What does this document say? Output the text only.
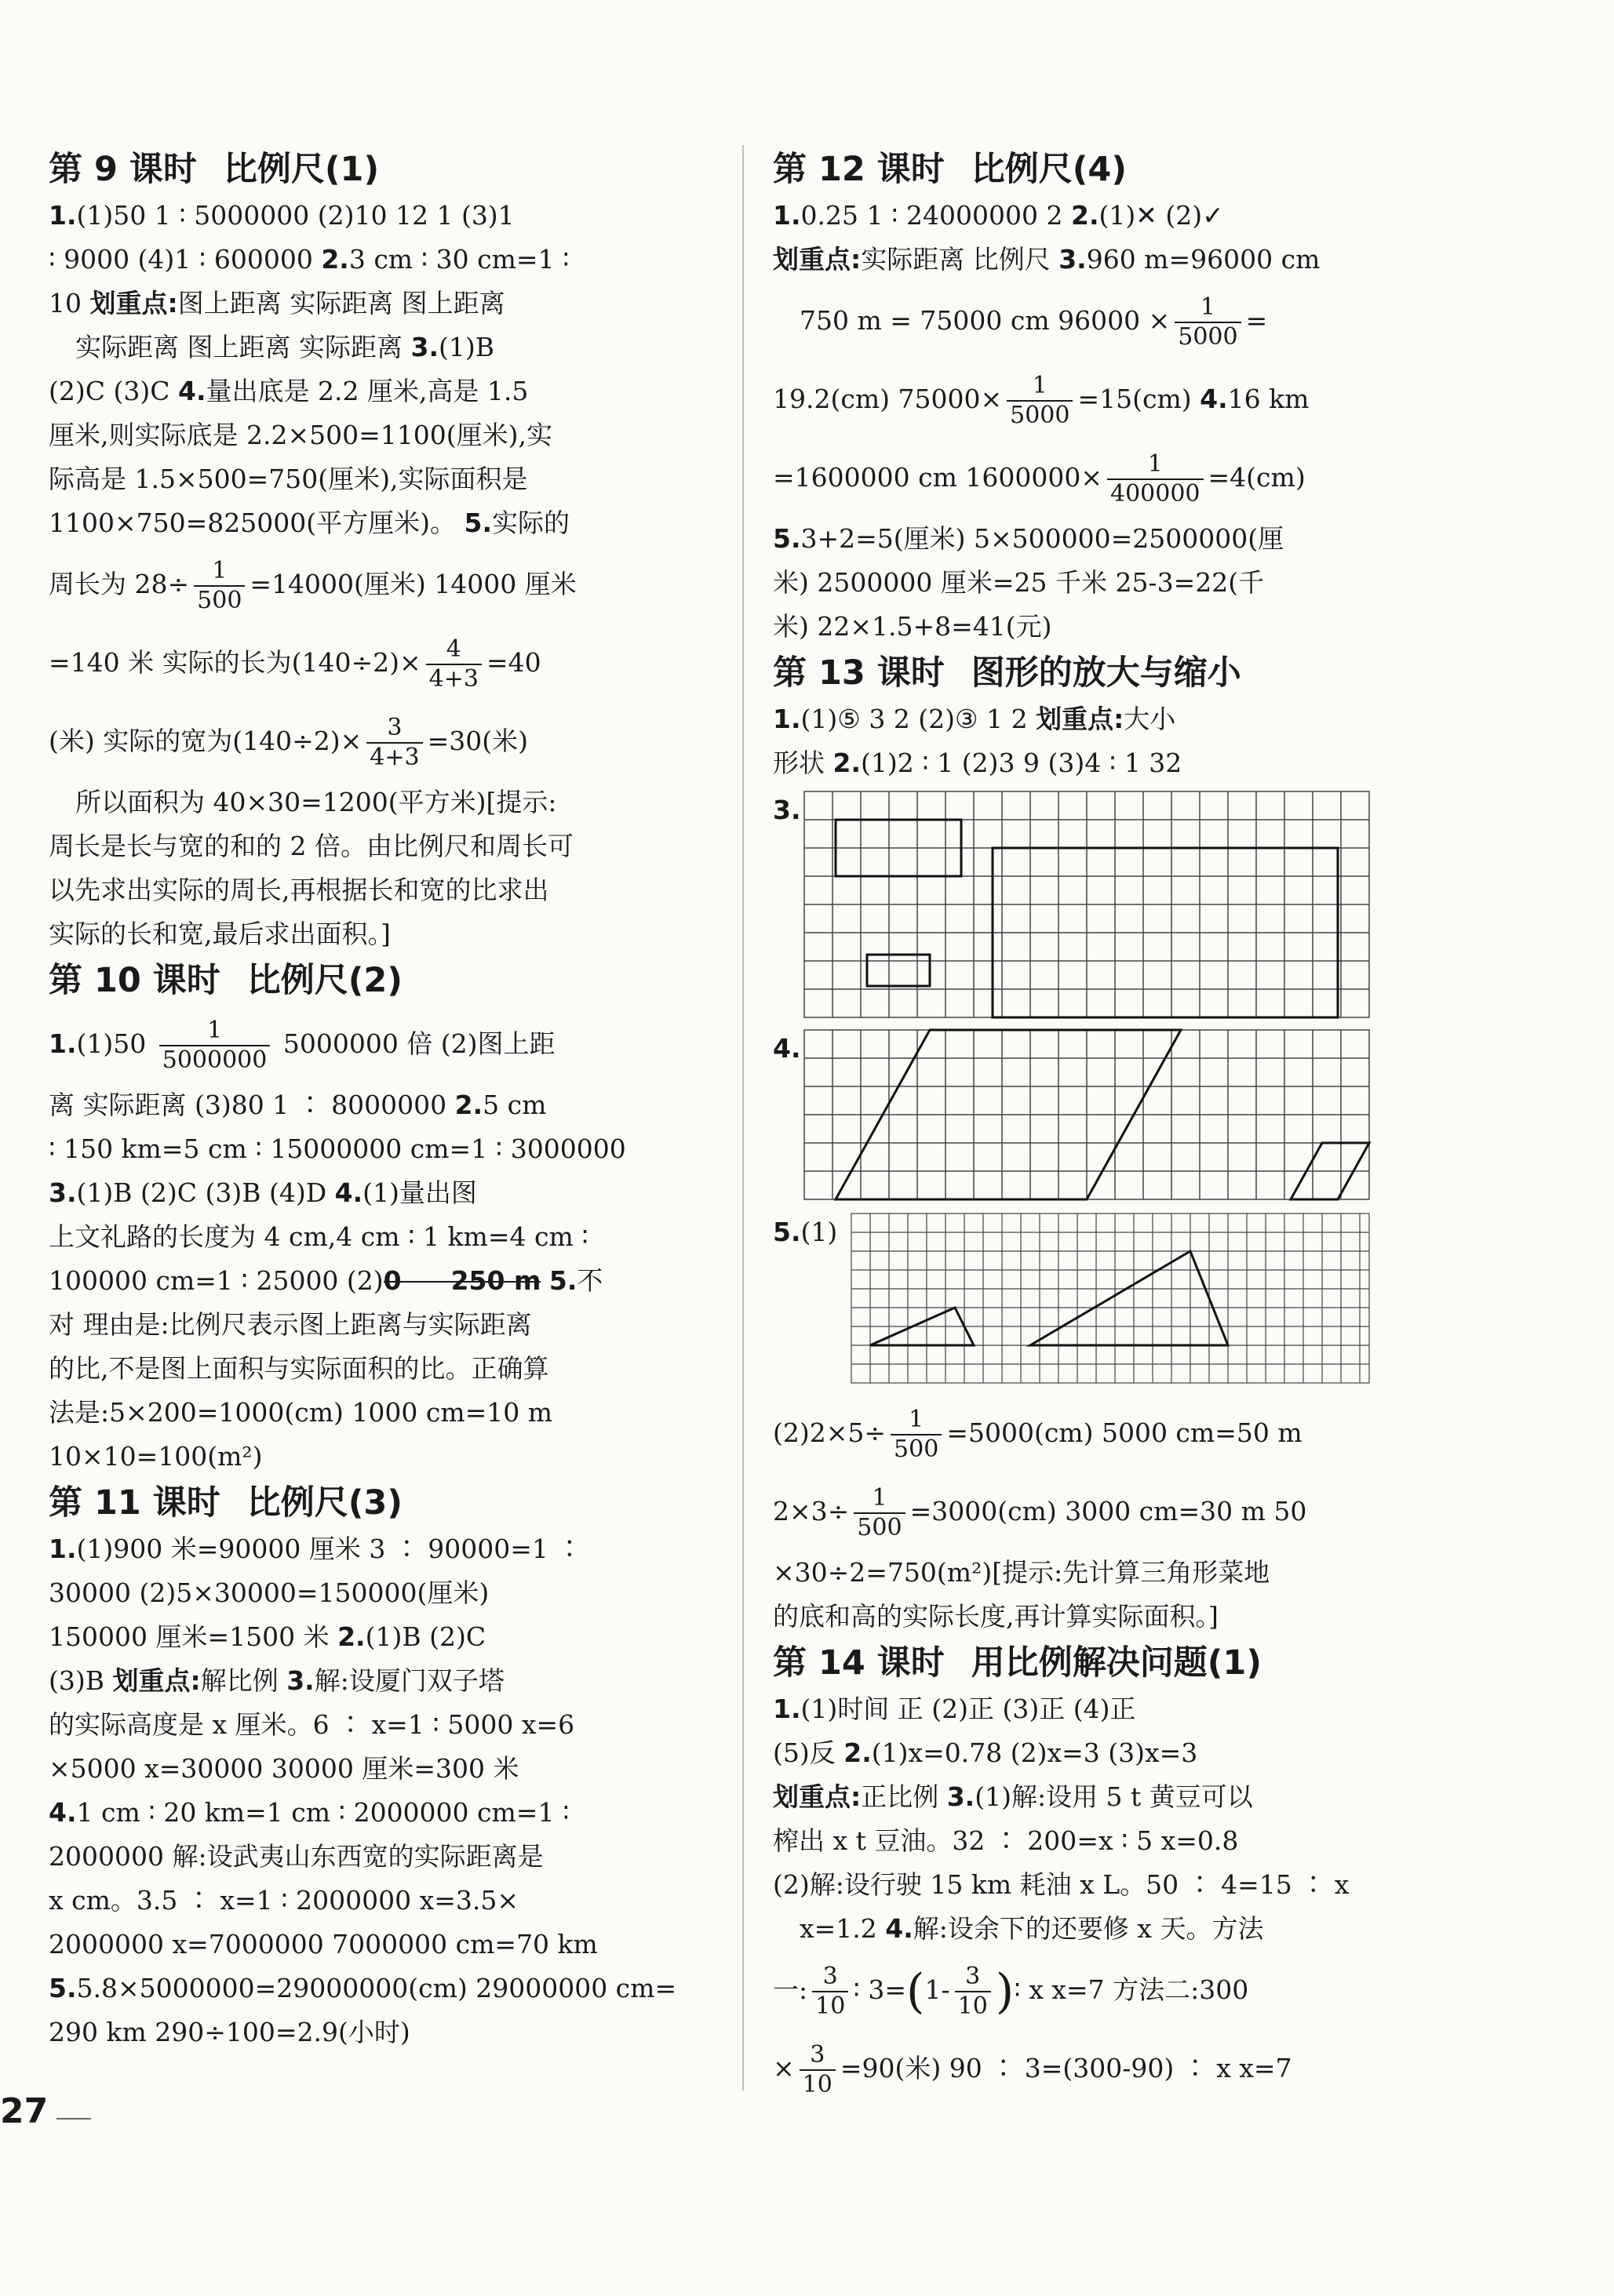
第 9 课时 比例尺(1)
1.(1)50 1 ∶ 5000000 (2)10 12 1 (3)1
∶ 9000 (4)1 ∶ 600000 2.3 cm ∶ 30 cm=1 ∶
10 划重点:图上距离 实际距离 图上距离
实际距离 图上距离 实际距离 3.(1)B
(2)C (3)C 4.量出底是 2.2 厘米,高是 1.5
厘米,则实际底是 2.2×500=1100(厘米),实
际高是 1.5×500=750(厘米),实际面积是
1100×750=825000(平方厘米)。 5.实际的
周长为 $28\div \frac{1}{500} =14000$(厘米) 14000 厘米
=140 米 实际的长为$(140\div 2)\times \frac{4}{4+3} =40$
(米) 实际的宽为$(140\div 2)\times \frac{3}{4+3} =30$(米)
所以面积为 40×30=1200(平方米)[提示:
周长是长与宽的和的 2 倍。由比例尺和周长可
以先求出实际的周长,再根据长和宽的比求出
实际的长和宽,最后求出面积。]
第 10 课时 比例尺(2)
$1.(1)50 \frac{1}{5000000} 5000000$ 倍 (2)图上距
离 实际距离 (3)80 1 ∶ 8000000 2.5 cm
∶ 150 km=5 cm ∶ 15000000 cm=1 ∶ 3000000
3.(1)B (2)C (3)B (4)D 4.(1)量出图
上文礼路的长度为 4 cm,4 cm ∶ 1 km=4 cm ∶
100000 cm=1 ∶ 25000 (2)0 250 m 5.不
对 理由是:比例尺表示图上距离与实际距离
的比,不是图上面积与实际面积的比。正确算
法是:5×200=1000(cm) 1000 cm=10 m
10×10=100(m²)
第 11 课时 比例尺(3)
1.(1)900 米=90000 厘米 3 ∶ 90000=1 ∶
30000 (2)5×30000=150000(厘米)
150000 厘米=1500 米 2.(1)B (2)C
(3)B 划重点:解比例 3.解:设厦门双子塔
的实际高度是 x 厘米。6 ∶ x=1 ∶ 5000 x=6
×5000 x=30000 30000 厘米=300 米
4.1 cm ∶ 20 km=1 cm ∶ 2000000 cm=1 ∶
2000000 解:设武夷山东西宽的实际距离是
x cm。3.5 ∶ x=1 ∶ 2000000 x=3.5×
2000000 x=7000000 7000000 cm=70 km
5.5.8×5000000=29000000(cm) 29000000 cm=
290 km 290÷100=2.9(小时)
第 12 课时 比例尺(4)
1.0.25 1 ∶ 24000000 2 2.(1)✕ (2)✓
划重点:实际距离 比例尺 3.960 m=96000 cm
750 m = 75000 cm $96000 \times \frac{1}{5000}$ =
19.2(cm) $75000\times \frac{1}{5000} =15(cm)$ 4.16 km
=1600000 cm $1600000\times \frac{1}{400000} =4(cm)$
5.3+2=5(厘米) 5×500000=2500000(厘
米) 2500000 厘米=25 千米 25-3=22(千
米) 22×1.5+8=41(元)
第 13 课时 图形的放大与缩小
1.(1)⑤ 3 2 (2)③ 1 2 划重点:大小
形状 2.(1)2 ∶ 1 (2)3 9 (3)4 ∶ 1 32
3.
4.
5.(1)
$(2)2\times 5\div \frac{1}{500} =5000(cm)$ 5000 cm=50 m
$2\times 3\div \frac{1}{500} =3000(cm)$ 3000 cm=30 m 50
×30÷2=750(m²)[提示:先计算三角形菜地
的底和高的实际长度,再计算实际面积。]
第 14 课时 用比例解决问题(1)
1.(1)时间 正 (2)正 (3)正 (4)正
(5)反 2.(1)x=0.78 (2)x=3 (3)x=3
划重点:正比例 3.(1)解:设用 5 t 黄豆可以
榨出 x t 豆油。32 ∶ 200=x ∶ 5 x=0.8
(2)解:设行驶 15 km 耗油 x L。50 ∶ 4=15 ∶ x
x=1.2 4.解:设余下的还要修 x 天。方法
一: $\frac{3}{10}$ ∶ $3=(1- \frac{3}{10}$ )∶ x x=7 方法二:300
× $\frac{3}{10} =90$(米) 90 ∶ 3=(300-90) ∶ x x=7
27
